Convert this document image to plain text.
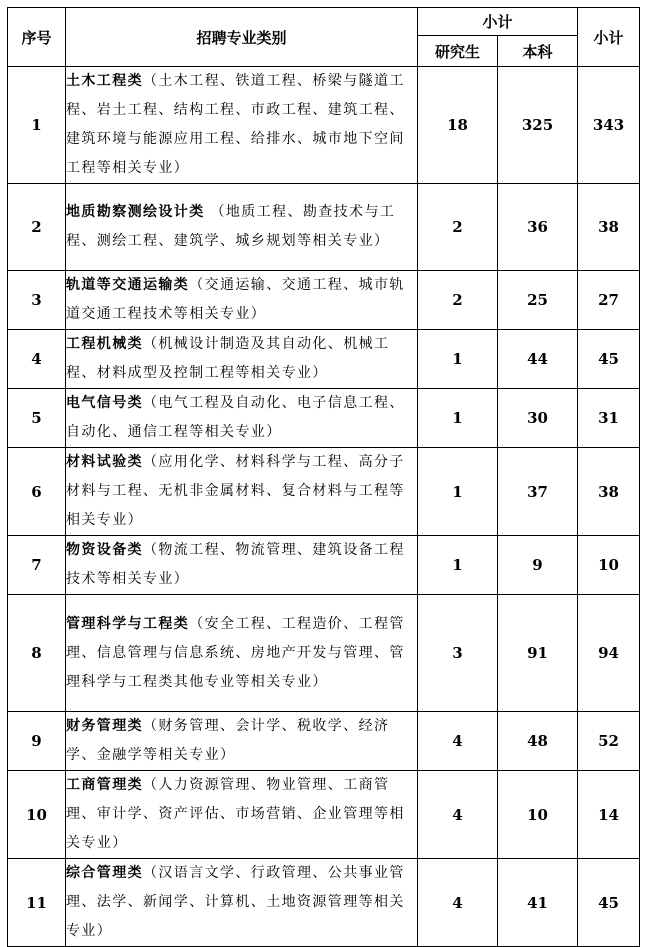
序号	招聘专业类别	小计		小计
		研究生	本科	
1	土木工程类（土木工程、铁道工程、桥梁与隧道工程、岩土工程、结构工程、市政工程、建筑工程、建筑环境与能源应用工程、给排水、城市地下空间工程等相关专业）	18	325	343
2	地质勘察测绘设计类 （地质工程、勘查技术与工程、测绘工程、建筑学、城乡规划等相关专业）	2	36	38
3	轨道等交通运输类（交通运输、交通工程、城市轨道交通工程技术等相关专业）	2	25	27
4	工程机械类（机械设计制造及其自动化、机械工程、材料成型及控制工程等相关专业）	1	44	45
5	电气信号类（电气工程及自动化、电子信息工程、自动化、通信工程等相关专业）	1	30	31
6	材料试验类（应用化学、材料科学与工程、高分子材料与工程、无机非金属材料、复合材料与工程等相关专业）	1	37	38
7	物资设备类（物流工程、物流管理、建筑设备工程技术等相关专业）	1	9	10
8	管理科学与工程类（安全工程、工程造价、工程管理、信息管理与信息系统、房地产开发与管理、管理科学与工程类其他专业等相关专业）	3	91	94
9	财务管理类（财务管理、会计学、税收学、经济学、金融学等相关专业）	4	48	52
10	工商管理类（人力资源管理、物业管理、工商管理、审计学、资产评估、市场营销、企业管理等相关专业）	4	10	14
11	综合管理类（汉语言文学、行政管理、公共事业管理、法学、新闻学、计算机、土地资源管理等相关专业）	4	41	45
